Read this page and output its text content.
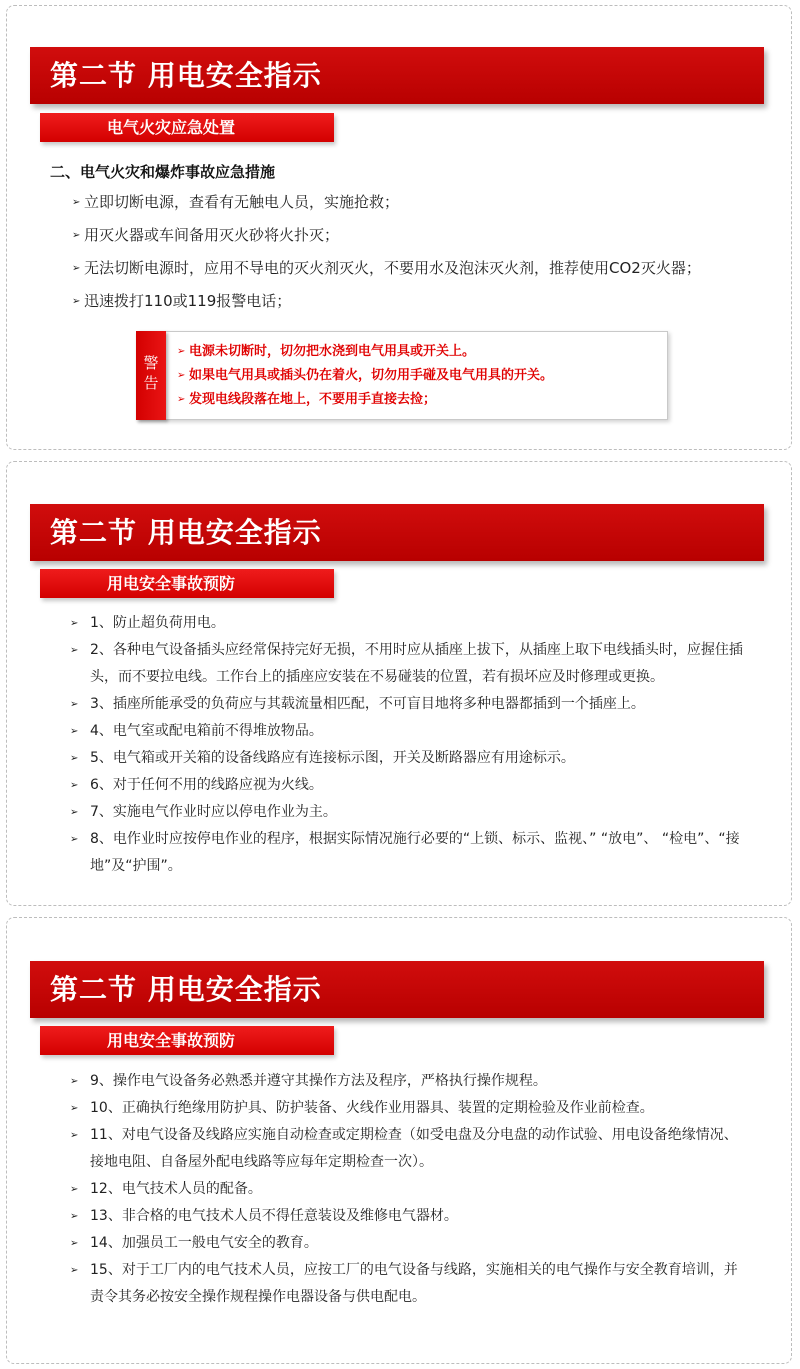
第二节 用电安全指示
电气火灾应急处置
二、电气火灾和爆炸事故应急措施
➢ 立即切断电源，查看有无触电人员，实施抢救；
➢ 用灭火器或车间备用灭火砂将火扑灭；
➢ 无法切断电源时，应用不导电的灭火剂灭火，不要用水及泡沫灭火剂，推荐使用CO2灭火器；
➢ 迅速拨打110或119报警电话；
警
告
➢ 电源未切断时，切勿把水浇到电气用具或开关上。
➢ 如果电气用具或插头仍在着火，切勿用手碰及电气用具的开关。
➢ 发现电线段落在地上，不要用手直接去捡；
第二节 用电安全指示
用电安全事故预防
➢ 1、防止超负荷用电。
➢ 2、各种电气设备插头应经常保持完好无损，不用时应从插座上拔下，从插座上取下电线插头时，应握住插头，而不要拉电线。工作台上的插座应安装在不易碰装的位置，若有损坏应及时修理或更换。
➢ 3、插座所能承受的负荷应与其载流量相匹配，不可盲目地将多种电器都插到一个插座上。
➢ 4、电气室或配电箱前不得堆放物品。
➢ 5、电气箱或开关箱的设备线路应有连接标示图，开关及断路器应有用途标示。
➢ 6、对于任何不用的线路应视为火线。
➢ 7、实施电气作业时应以停电作业为主。
➢ 8、电作业时应按停电作业的程序，根据实际情况施行必要的“上锁、标示、监视、” “放电”、 “检电”、“接地”及“护围”。
第二节 用电安全指示
用电安全事故预防
➢ 9、操作电气设备务必熟悉并遵守其操作方法及程序，严格执行操作规程。
➢ 10、正确执行绝缘用防护具、防护装备、火线作业用器具、装置的定期检验及作业前检查。
➢ 11、对电气设备及线路应实施自动检查或定期检查（如受电盘及分电盘的动作试验、用电设备绝缘情况、接地电阻、自备屋外配电线路等应每年定期检查一次）。
➢ 12、电气技术人员的配备。
➢ 13、非合格的电气技术人员不得任意装设及维修电气器材。
➢ 14、加强员工一般电气安全的教育。
➢ 15、对于工厂内的电气技术人员，应按工厂的电气设备与线路，实施相关的电气操作与安全教育培训，并责令其务必按安全操作规程操作电器设备与供电配电。
